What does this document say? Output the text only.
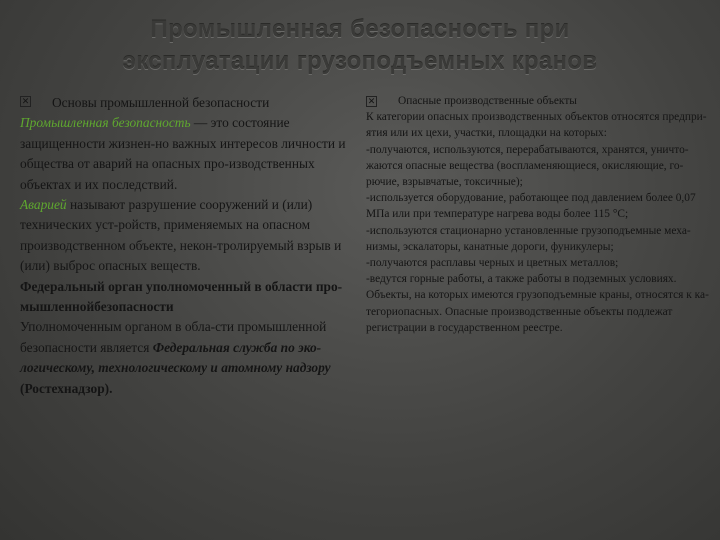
Промышленная безопасность при
эксплуатации грузоподъемных кранов
✕ Основы промышленной безопасности

Промышленная безопасность — это состояние защищенности жизнен-но важных интересов личности и общества от аварий на опасных про-изводственных объектах и их последствий.

Аварией называют разрушение сооружений и (или) технических уст-ройств, применяемых на опасном производственном объекте, некон-тролируемый взрыв и (или) выброс опасных веществ.

Федеральный орган уполномоченный в области про-мышленнойбезопасности

Уполномоченным органом в обла-сти промышленной безопасности является Федеральная служба по эко-логическому, технологическому и атомному надзору (Ростехнадзор).

✕ Опасные производственные объекты

К категории опасных производственных объектов относятся предпри-ятия или их цехи, участки, площадки на которых:

-получаются, используются, перерабатываются, хранятся, уничто-жаются опасные вещества (воспламеняющиеся, окисляющие, го-рючие, взрывчатые, токсичные);

-используется оборудование, работающее под давлением более 0,07 МПа или при температуре нагрева воды более 115 °С;

-используются стационарно установленные грузоподъемные меха-низмы, эскалаторы, канатные дороги, фуникулеры;

-получаются расплавы черных и цветных металлов;

-ведутся горные работы, а также работы в подземных условиях.

Объекты, на которых имеются грузоподъемные краны, относятся к ка-тегориопасных. Опасные производственные объекты подлежат регистрации в государственном реестре.
